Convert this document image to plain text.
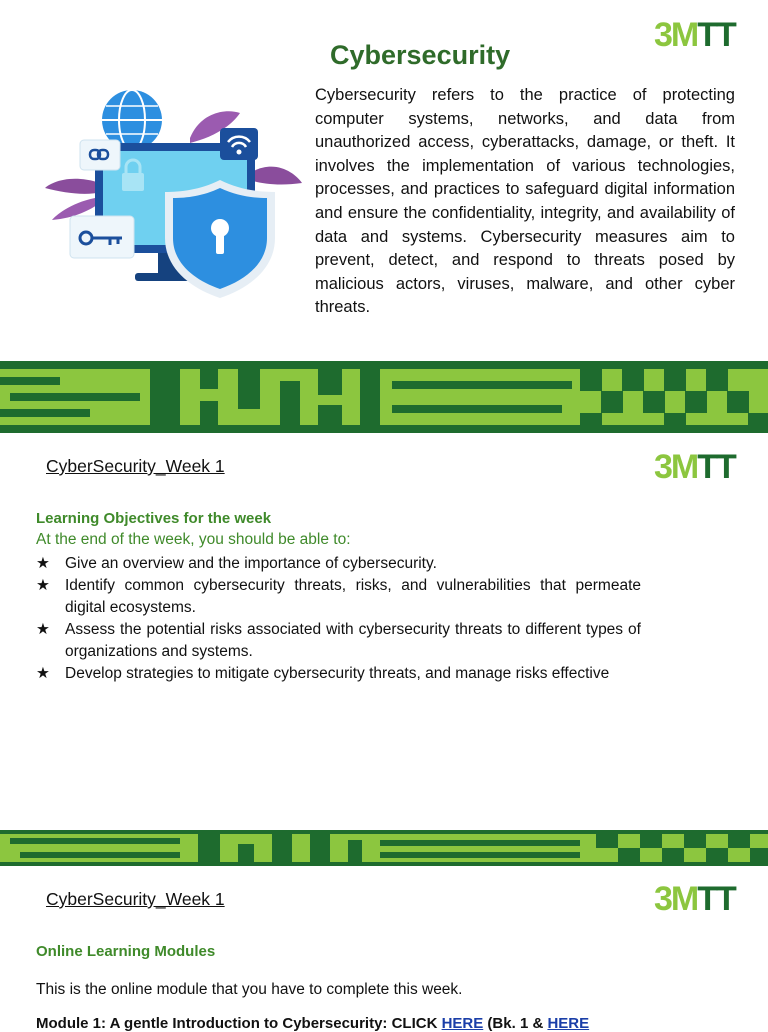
3MTT
Cybersecurity
Cybersecurity refers to the practice of protecting computer systems, networks, and data from unauthorized access, cyberattacks, damage, or theft. It involves the implementation of various technologies, processes, and practices to safeguard digital information and ensure the confidentiality, integrity, and availability of data and systems. Cybersecurity measures aim to prevent, detect, and respond to threats posed by malicious actors, viruses, malware, and other cyber threats.
CyberSecurity_Week 1	3MTT
Learning Objectives for the week
At the end of the week, you should be able to:
★ Give an overview and the importance of cybersecurity.
★ Identify common cybersecurity threats, risks, and vulnerabilities that permeate digital ecosystems.
★ Assess the potential risks associated with cybersecurity threats to different types of organizations and systems.
★ Develop strategies to mitigate cybersecurity threats, and manage risks effective
CyberSecurity_Week 1	3MTT
Online Learning Modules
This is the online module that you have to complete this week.
Module 1: A gentle Introduction to Cybersecurity: CLICK HERE (Bk. 1 & HERE
